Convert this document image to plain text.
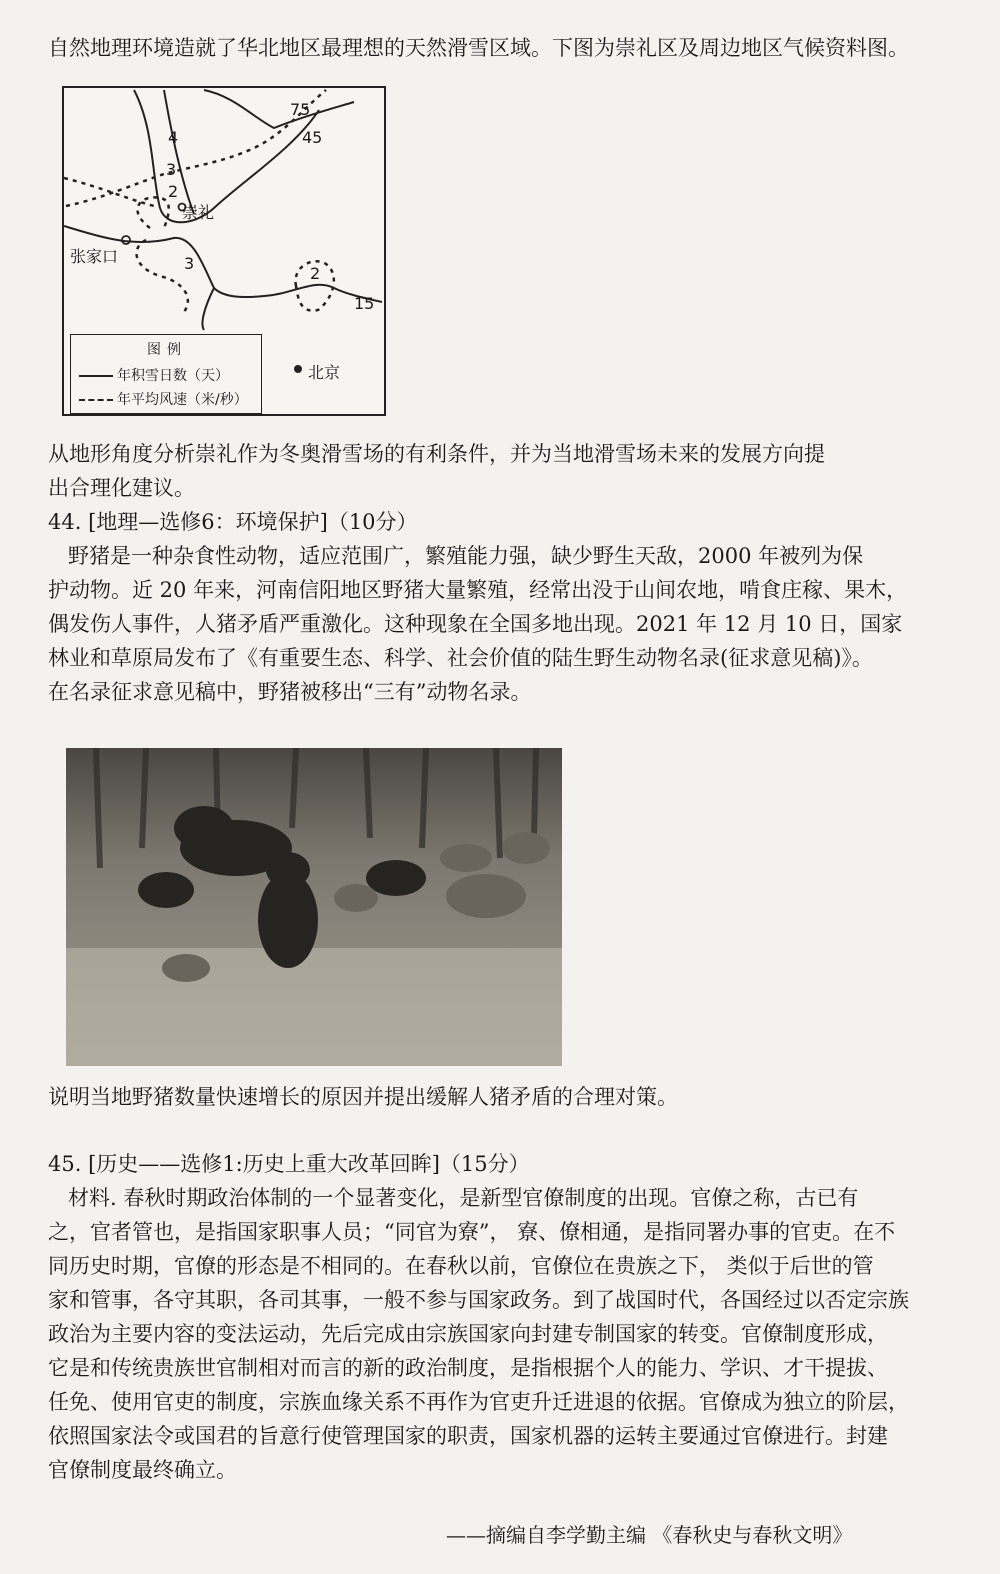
自然地理环境造就了华北地区最理想的天然滑雪区域。下图为崇礼区及周边地区气候资料图。
75
45
4
3
2
崇礼
张家口	3
2
15
北京
图例
年积雪日数（天）
年平均风速（米/秒）
从地形角度分析崇礼作为冬奥滑雪场的有利条件，并为当地滑雪场未来的发展方向提
出合理化建议。
44. [地理—选修6：环境保护]（10分）
野猪是一种杂食性动物，适应范围广，繁殖能力强，缺少野生天敌，2000 年被列为保
护动物。近 20 年来，河南信阳地区野猪大量繁殖，经常出没于山间农地，啃食庄稼、果木，
偶发伤人事件，人猪矛盾严重激化。这种现象在全国多地出现。2021 年 12 月 10 日，国家
林业和草原局发布了《有重要生态、科学、社会价值的陆生野生动物名录(征求意见稿)》。
在名录征求意见稿中，野猪被移出“三有”动物名录。
说明当地野猪数量快速增长的原因并提出缓解人猪矛盾的合理对策。
45. [历史——选修1:历史上重大改革回眸]（15分）
材料. 春秋时期政治体制的一个显著变化，是新型官僚制度的出现。官僚之称，古已有
之，官者管也，是指国家职事人员；“同官为寮”， 寮、僚相通，是指同署办事的官吏。在不
同历史时期，官僚的形态是不相同的。在春秋以前，官僚位在贵族之下， 类似于后世的管
家和管事，各守其职，各司其事，一般不参与国家政务。到了战国时代，各国经过以否定宗族
政治为主要内容的变法运动，先后完成由宗族国家向封建专制国家的转变。官僚制度形成，
它是和传统贵族世官制相对而言的新的政治制度，是指根据个人的能力、学识、才干提拔、
任免、使用官吏的制度，宗族血缘关系不再作为官吏升迁进退的依据。官僚成为独立的阶层，
依照国家法令或国君的旨意行使管理国家的职责，国家机器的运转主要通过官僚进行。封建
官僚制度最终确立。
——摘编自李学勤主编 《春秋史与春秋文明》
